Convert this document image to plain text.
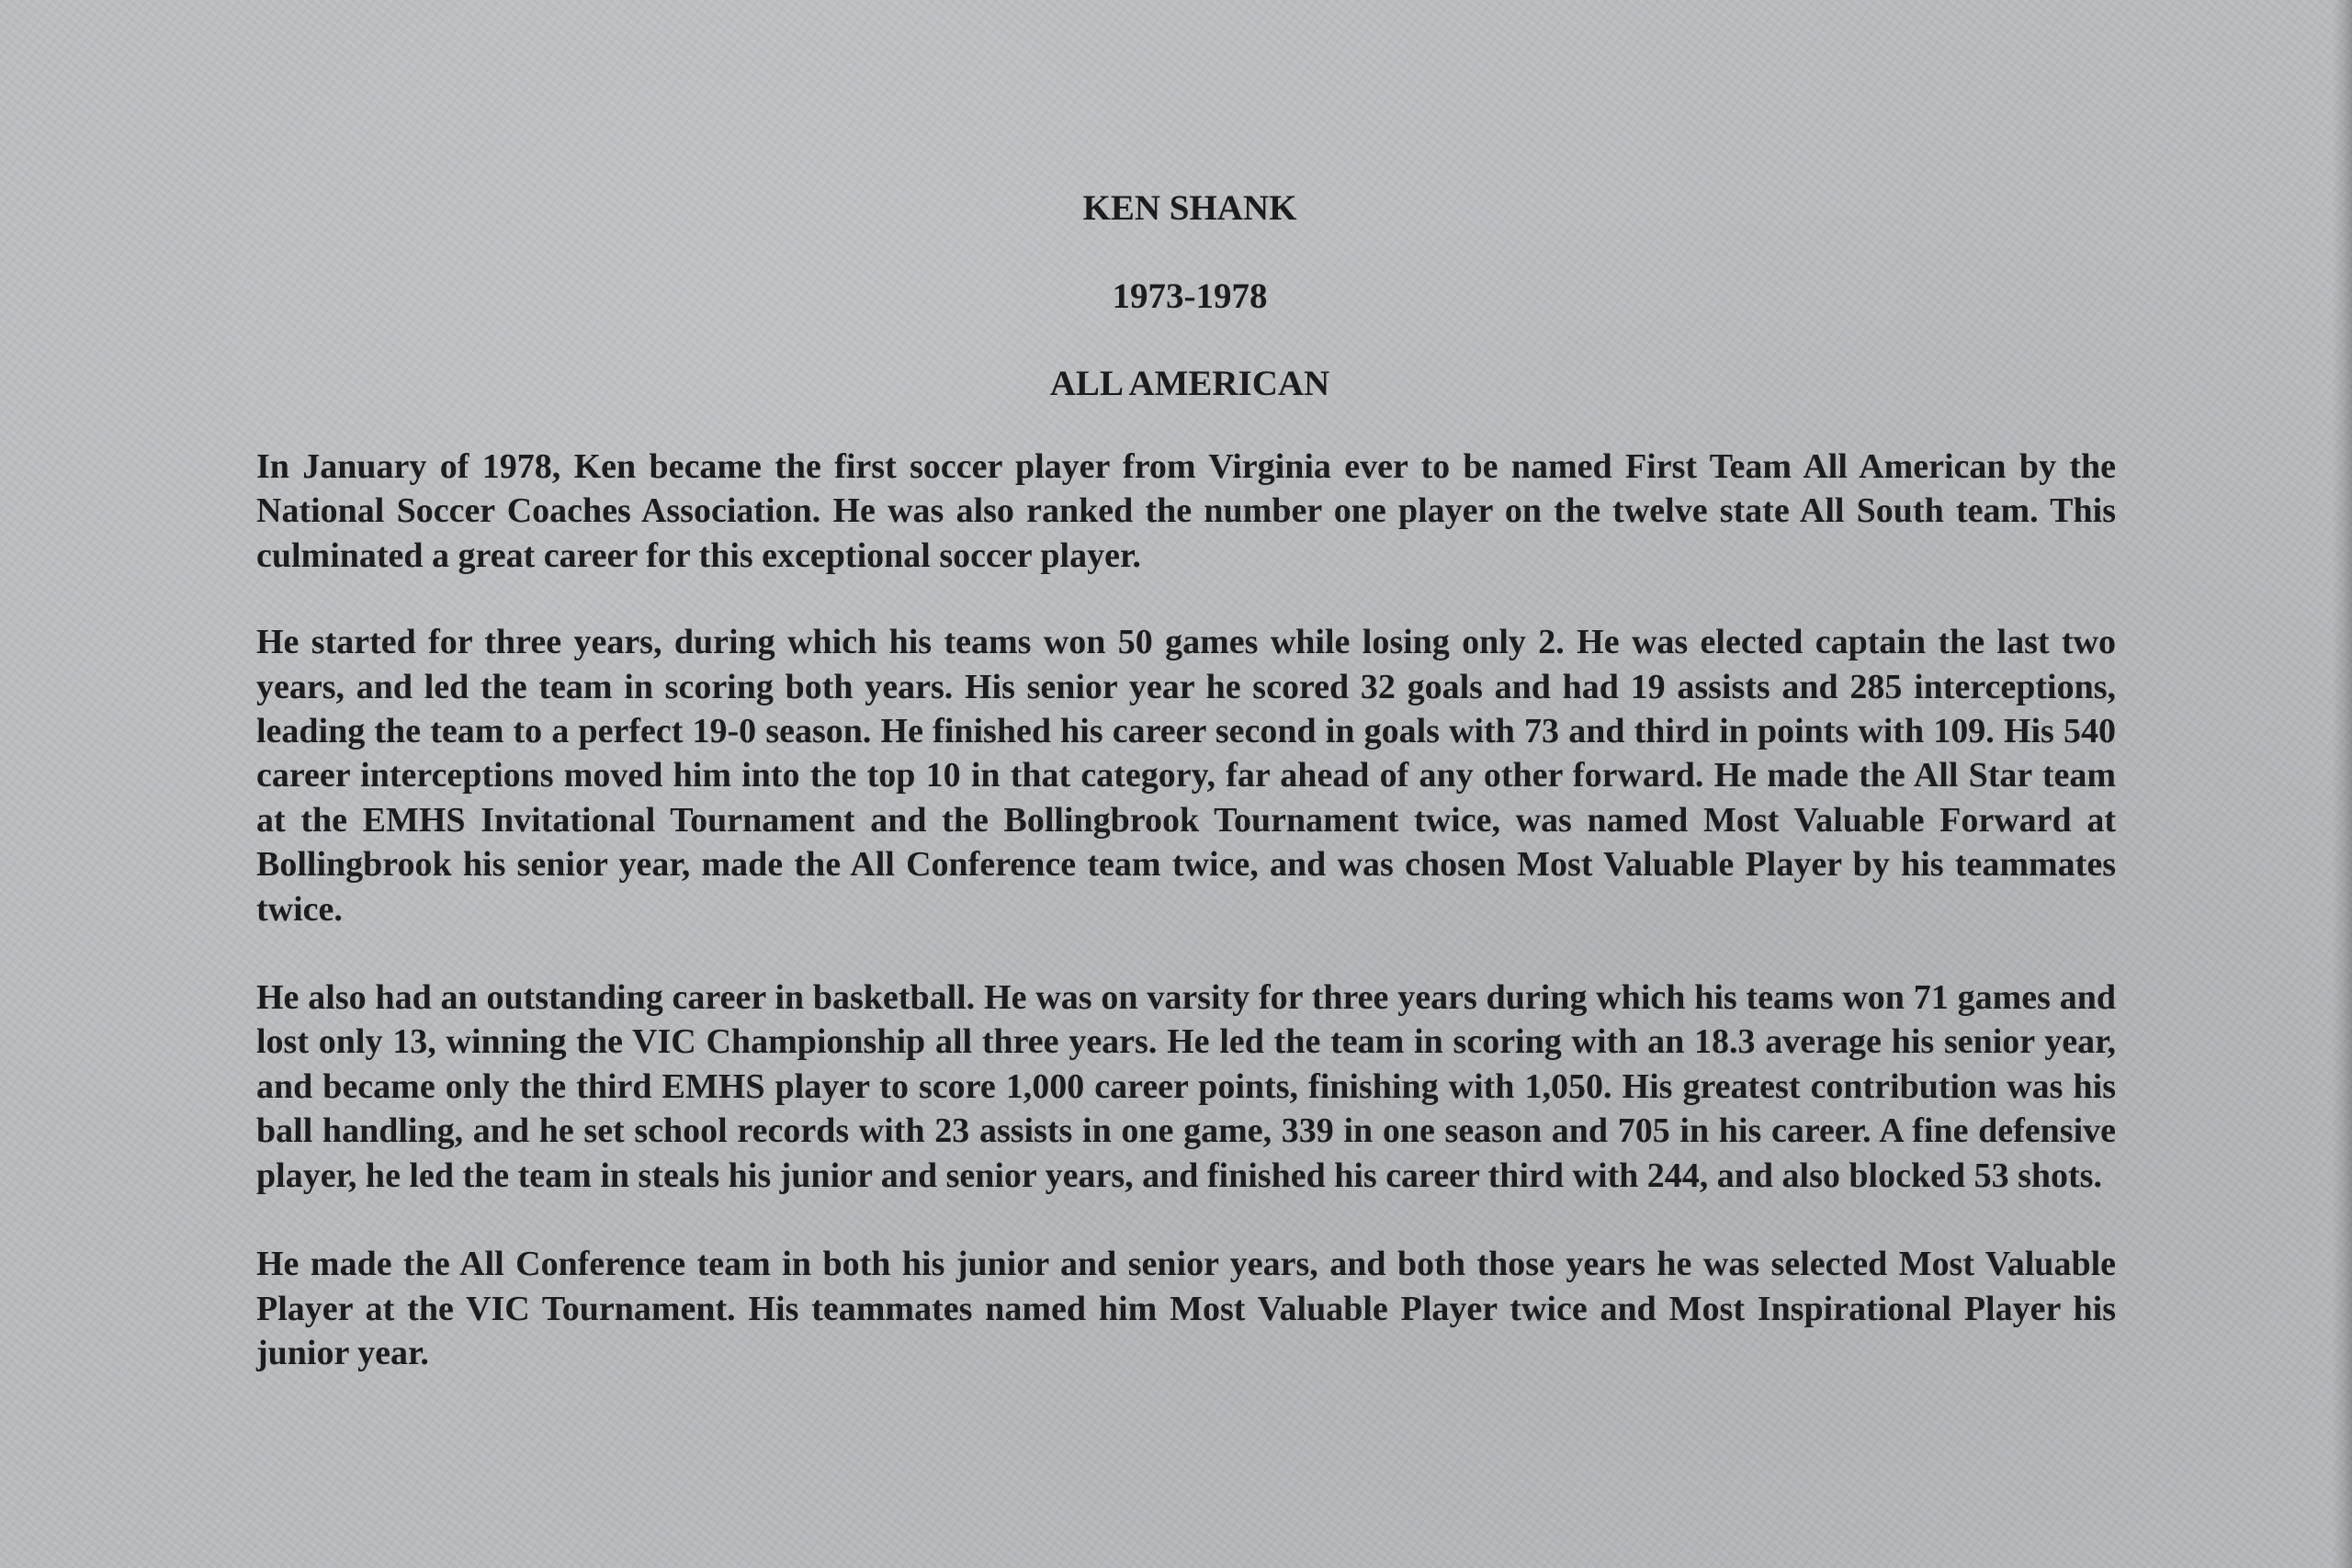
KEN SHANK
1973-1978
ALL AMERICAN

In January of 1978, Ken became the first soccer player from Virginia ever to be named First Team All American by the National Soccer Coaches Association. He was also ranked the number one player on the twelve state All South team. This culminated a great career for this exceptional soccer player.

He started for three years, during which his teams won 50 games while losing only 2. He was elected captain the last two years, and led the team in scoring both years. His senior year he scored 32 goals and had 19 assists and 285 interceptions, leading the team to a perfect 19-0 season. He finished his career second in goals with 73 and third in points with 109. His 540 career interceptions moved him into the top 10 in that category, far ahead of any other forward. He made the All Star team at the EMHS Invitational Tournament and the Bollingbrook Tournament twice, was named Most Valuable Forward at Bollingbrook his senior year, made the All Conference team twice, and was chosen Most Valuable Player by his teammates twice.

He also had an outstanding career in basketball. He was on varsity for three years during which his teams won 71 games and lost only 13, winning the VIC Championship all three years. He led the team in scoring with an 18.3 average his senior year, and became only the third EMHS player to score 1,000 career points, finishing with 1,050. His greatest contribution was his ball handling, and he set school records with 23 assists in one game, 339 in one season and 705 in his career. A fine defensive player, he led the team in steals his junior and senior years, and finished his career third with 244, and also blocked 53 shots.

He made the All Conference team in both his junior and senior years, and both those years he was selected Most Valuable Player at the VIC Tournament. His teammates named him Most Valuable Player twice and Most Inspirational Player his junior year.
